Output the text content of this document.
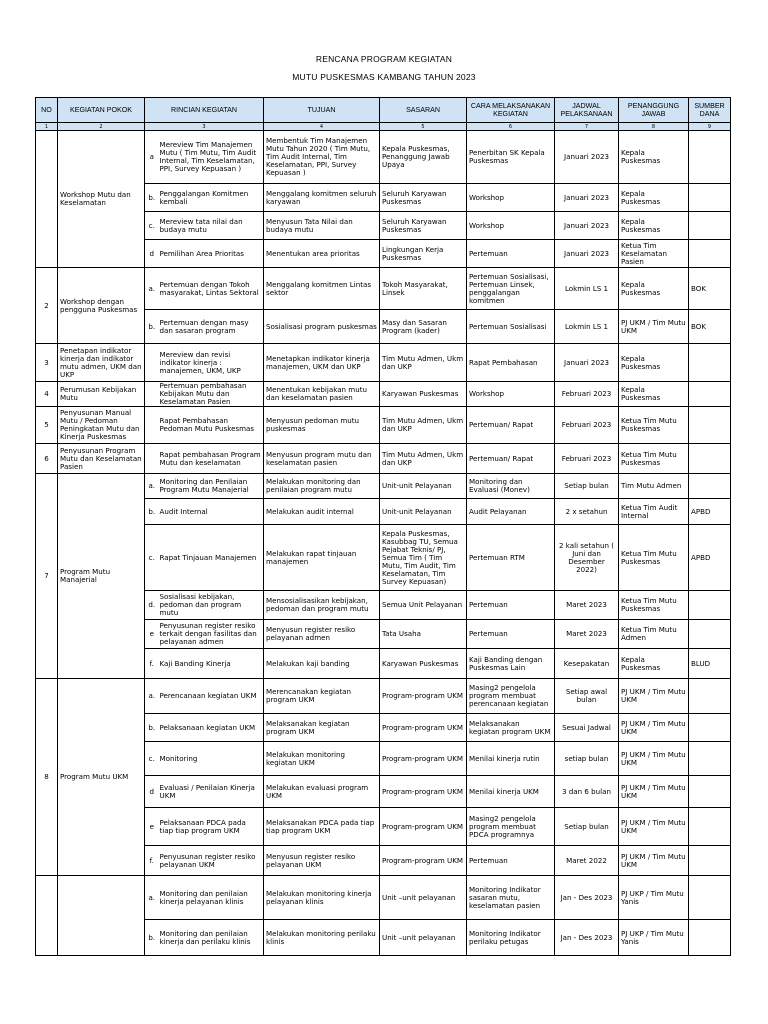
RENCANA PROGRAM KEGIATAN
MUTU PUSKESMAS KAMBANG TAHUN 2023
NO	KEGIATAN POKOK	RINCIAN KEGIATAN		TUJUAN	SASARAN	CARA MELAKSANAKAN KEGIATAN	JADWAL PELAKSANAAN	PENANGGUNG JAWAB	SUMBER DANA
1	2	3		4	5	6	7	8	9
	Workshop Mutu dan Keselamatan	a	Mereview Tim Manajemen Mutu ( Tim Mutu, Tim Audit Internal, Tim Keselamatan, PPI, Survey Kepuasan )	Membentuk Tim Manajemen Mutu Tahun 2020 ( Tim Mutu, Tim Audit Internal, Tim Keselamatan, PPI, Survey Kepuasan )	Kepala Puskesmas, Penanggung Jawab Upaya	Penerbitan SK Kepala Puskesmas	Januari 2023	Kepala Puskesmas	
		b.	Penggalangan Komitmen kembali	Menggalang komitmen seluruh karyawan	Seluruh Karyawan Puskesmas	Workshop	Januari 2023	Kepala Puskesmas	
		c.	Mereview tata nilai dan budaya mutu	Menyusun Tata Nilai dan budaya mutu	Seluruh Karyawan Puskesmas	Workshop	Januari 2023	Kepala Puskesmas	
		d	Pemilihan Area Prioritas	Menentukan area prioritas	Lingkungan Kerja Puskesmas	Pertemuan	Januari 2023	Ketua Tim Keselamatan Pasien	
2	Workshop dengan pengguna Puskesmas	a.	Pertemuan dengan Tokoh masyarakat, Lintas Sektoral	Menggalang komitmen Lintas sektor	Tokoh Masyarakat, Linsek	Pertemuan Sosialisasi, Pertemuan Linsek, penggalangan komitmen	Lokmin LS 1	Kepala Puskesmas	BOK
		b.	Pertemuan dengan masy dan sasaran program	Sosialisasi program puskesmas	Masy dan Sasaran Program (kader)	Pertemuan Sosialisasi	Lokmin LS 1	PJ UKM / Tim Mutu UKM	BOK
3	Penetapan indikator kinerja dan indikator mutu admen, UKM dan UKP		Mereview dan revisi indikator kinerja : manajemen, UKM, UKP	Menetapkan indikator kinerja manajemen, UKM dan UKP	Tim Mutu Admen, Ukm dan UKP	Rapat Pembahasan	Januari 2023	Kepala Puskesmas	
4	Perumusan Kebijakan Mutu		Pertemuan pembahasan Kebijakan Mutu dan Keselamatan Pasien	Menentukan kebijakan mutu dan keselamatan pasien	Karyawan Puskesmas	Workshop	Februari 2023	Kepala Puskesmas	
5	Penyusunan Manual Mutu / Pedoman Peningkatan Mutu dan Kinerja Puskesmas		Rapat Pembahasan Pedoman Mutu Puskesmas	Menyusun pedoman mutu puskesmas	Tim Mutu Admen, Ukm dan UKP	Pertemuan/ Rapat	Februari 2023	Ketua Tim Mutu Puskesmas	
6	Penyusunan Program Mutu dan Keselamatan Pasien		Rapat pembahasan Program Mutu dan keselamatan	Menyusun program mutu dan keselamatan pasien	Tim Mutu Admen, Ukm dan UKP	Pertemuan/ Rapat	Februari 2023	Ketua Tim Mutu Puskesmas	
7	Program Mutu Manajerial	a.	Monitoring dan Penilaian Program Mutu Manajerial	Melakukan monitoring dan penilaian program mutu	Unit-unit Pelayanan	Monitoring dan Evaluasi (Monev)	Setiap bulan	Tim Mutu Admen	
		b.	Audit Internal	Melakukan audit internal	Unit-unit Pelayanan	Audit Pelayanan	2 x setahun	Ketua Tim Audit Internal	APBD
		c.	Rapat Tinjauan Manajemen	Melakukan rapat tinjauan manajemen	Kepala Puskesmas, Kasubbag TU, Semua Pejabat Teknis/ PJ, Semua Tim ( Tim Mutu, Tim Audit, Tim Keselamatan, Tim Survey Kepuasan)	Pertemuan RTM	2 kali setahun ( Juni dan Desember 2022)	Ketua Tim Mutu Puskesmas	APBD
		d.	Sosialisasi kebijakan, pedoman dan program mutu	Mensosialisasikan kebijakan, pedoman dan program mutu	Semua Unit Pelayanan	Pertemuan	Maret 2023	Ketua Tim Mutu Puskesmas	
		e	Penyusunan register resiko terkait dengan fasilitas dan pelayanan admen	Menyusun register resiko pelayanan admen	Tata Usaha	Pertemuan	Maret 2023	Ketua Tim Mutu Admen	
		f.	Kaji Banding Kinerja	Melakukan kaji banding	Karyawan Puskesmas	Kaji Banding dengan Puskesmas Lain	Kesepakatan	Kepala Puskesmas	BLUD
8	Program Mutu UKM	a.	Perencanaan kegiatan UKM	Merencanakan kegiatan program UKM	Program-program UKM	Masing2 pengelola program membuat perencanaan kegiatan	Setiap awal bulan	PJ UKM / Tim Mutu UKM	
		b.	Pelaksanaan kegiatan UKM	Melaksanakan kegiatan program UKM	Program-program UKM	Melaksanakan kegiatan program UKM	Sesuai Jadwal	PJ UKM / Tim Mutu UKM	
		c.	Monitoring	Melakukan monitoring kegiatan UKM	Program-program UKM	Menilai kinerja rutin	setiap bulan	PJ UKM / Tim Mutu UKM	
		d	Evaluasi / Penilaian Kinerja UKM	Melakukan evaluasi program UKM	Program-program UKM	Menilai kinerja UKM	3 dan 6 bulan	PJ UKM / Tim Mutu UKM	
		e	Pelaksanaan PDCA pada tiap tiap program UKM	Melaksanakan PDCA pada tiap tiap program UKM	Program-program UKM	Masing2 pengelola program membuat PDCA programnya	Setiap bulan	PJ UKM / Tim Mutu UKM	
		f.	Penyusunan register resiko pelayanan UKM	Menyusun register resiko pelayanan UKM	Program-program UKM	Pertemuan	Maret 2022	PJ UKM / Tim Mutu UKM	
		a.	Monitoring dan penilaian kinerja pelayanan klinis	Melakukan monitoring kinerja pelayanan klinis	Unit –unit pelayanan	Monitoring Indikator sasaran mutu, keselamatan pasien	Jan - Des 2023	PJ UKP / Tim Mutu Yanis	
		b.	Monitoring dan penilaian kinerja dan perilaku klinis	Melakukan monitoring perilaku klinis	Unit –unit pelayanan	Monitoring Indikator perilaku petugas	Jan - Des 2023	PJ UKP / Tim Mutu Yanis	
